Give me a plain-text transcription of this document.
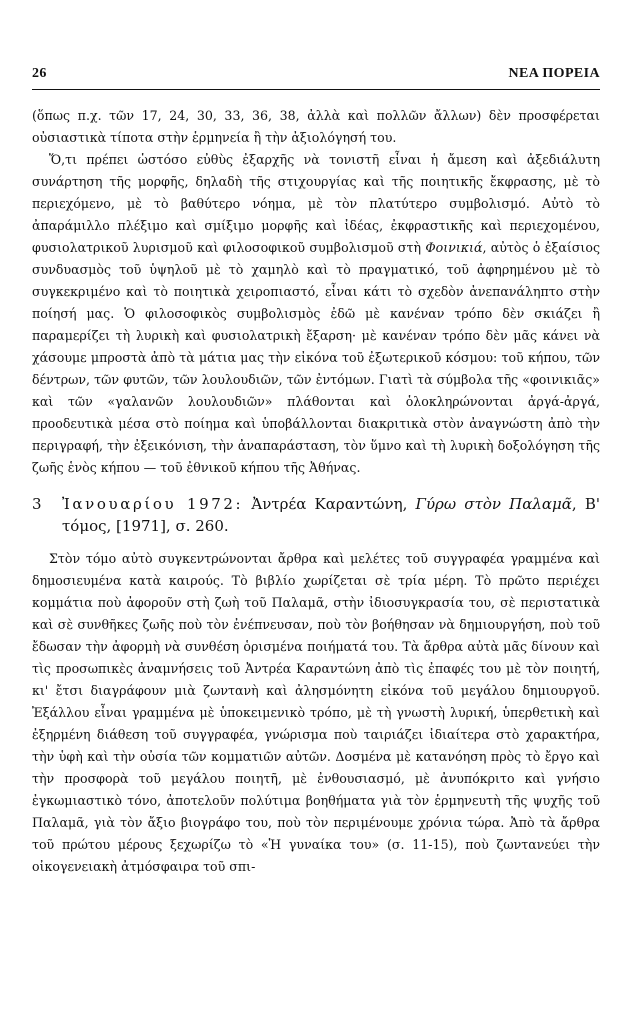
26	ΝΕΑ ΠΟΡΕΙΑ

(ὅπως π.χ. τῶν 17, 24, 30, 33, 36, 38, ἀλλὰ καὶ πολλῶν ἄλλων) δὲν προσφέρεται οὐσιαστικὰ τίποτα στὴν ἑρμηνεία ἢ τὴν ἀξιολόγησή του.

Ὅ,τι πρέπει ὡστόσο εὐθὺς ἐξαρχῆς νὰ τονιστῆ εἶναι ἡ ἄμεση καὶ ἀξεδιάλυτη συνάρτηση τῆς μορφῆς, δηλαδὴ τῆς στιχουργίας καὶ τῆς ποιητικῆς ἔκφρασης, μὲ τὸ περιεχόμενο, μὲ τὸ βαθύτερο νόημα, μὲ τὸν πλατύτερο συμβολισμό. Αὐτὸ τὸ ἀπαράμιλλο πλέξιμο καὶ σμίξιμο μορφῆς καὶ ἰδέας, ἐκφραστικῆς καὶ περιεχομένου, φυσιολατρικοῦ λυρισμοῦ καὶ φιλοσοφικοῦ συμβολισμοῦ στὴ Φοινικιά, αὐτὸς ὁ ἐξαίσιος συνδυασμὸς τοῦ ὑψηλοῦ μὲ τὸ χαμηλὸ καὶ τὸ πραγματικό, τοῦ ἀφηρημένου μὲ τὸ συγκεκριμένο καὶ τὸ ποιητικὰ χειροπιαστό, εἶναι κάτι τὸ σχεδὸν ἀνεπανάληπτο στὴν ποίησή μας. Ὁ φιλοσοφικὸς συμβολισμὸς ἐδῶ μὲ κανέναν τρόπο δὲν σκιάζει ἢ παραμερίζει τὴ λυρικὴ καὶ φυσιολατρικὴ ἔξαρση· μὲ κανέναν τρόπο δὲν μᾶς κάνει νὰ χάσουμε μπροστὰ ἀπὸ τὰ μάτια μας τὴν εἰκόνα τοῦ ἐξωτερικοῦ κόσμου: τοῦ κήπου, τῶν δέντρων, τῶν φυτῶν, τῶν λουλουδιῶν, τῶν ἐντόμων. Γιατὶ τὰ σύμβολα τῆς «φοινικιᾶς» καὶ τῶν «γαλανῶν λουλουδιῶν» πλάθονται καὶ ὁλοκληρώνονται ἀργά-ἀργά, προοδευτικὰ μέσα στὸ ποίημα καὶ ὑποβάλλονται διακριτικὰ στὸν ἀναγνώστη ἀπὸ τὴν περιγραφή, τὴν ἐξεικόνιση, τὴν ἀναπαράσταση, τὸν ὕμνο καὶ τὴ λυρικὴ δοξολόγηση τῆς ζωῆς ἑνὸς κήπου — τοῦ ἐθνικοῦ κήπου τῆς Ἀθήνας.

3	Ἰανουαρίου 1972: Ἀντρέα Καραντώνη, Γύρω στὸν Παλαμᾶ, Β' τόμος, [1971], σ. 260.

Στὸν τόμο αὐτὸ συγκεντρώνονται ἄρθρα καὶ μελέτες τοῦ συγγραφέα γραμμένα καὶ δημοσιευμένα κατὰ καιρούς. Τὸ βιβλίο χωρίζεται σὲ τρία μέρη. Τὸ πρῶτο περιέχει κομμάτια ποὺ ἀφοροῦν στὴ ζωὴ τοῦ Παλαμᾶ, στὴν ἰδιοσυγκρασία του, σὲ περιστατικὰ καὶ σὲ συνθῆκες ζωῆς ποὺ τὸν ἐνέπνευσαν, ποὺ τὸν βοήθησαν νὰ δημιουργήση, ποὺ τοῦ ἔδωσαν τὴν ἀφορμὴ νὰ συνθέση ὁρισμένα ποιήματά του. Τὰ ἄρθρα αὐτὰ μᾶς δίνουν καὶ τὶς προσωπικὲς ἀναμνήσεις τοῦ Ἀντρέα Καραντώνη ἀπὸ τὶς ἐπαφές του μὲ τὸν ποιητή, κι' ἔτσι διαγράφουν μιὰ ζωντανὴ καὶ ἀλησμόνητη εἰκόνα τοῦ μεγάλου δημιουργοῦ. Ἐξάλλου εἶναι γραμμένα μὲ ὑποκειμενικὸ τρόπο, μὲ τὴ γνωστὴ λυρική, ὑπερθετικὴ καὶ ἐξηρμένη διάθεση τοῦ συγγραφέα, γνώρισμα ποὺ ταιριάζει ἰδιαίτερα στὸ χαρακτήρα, τὴν ὑφὴ καὶ τὴν οὐσία τῶν κομματιῶν αὐτῶν. Δοσμένα μὲ κατανόηση πρὸς τὸ ἔργο καὶ τὴν προσφορὰ τοῦ μεγάλου ποιητῆ, μὲ ἐνθουσιασμό, μὲ ἀνυπόκριτο καὶ γνήσιο ἐγκωμιαστικὸ τόνο, ἀποτελοῦν πολύτιμα βοηθήματα γιὰ τὸν ἑρμηνευτὴ τῆς ψυχῆς τοῦ Παλαμᾶ, γιὰ τὸν ἄξιο βιογράφο του, ποὺ τὸν περιμένουμε χρόνια τώρα. Ἀπὸ τὰ ἄρθρα τοῦ πρώτου μέρους ξεχωρίζω τὸ «Ἡ γυναίκα του» (σ. 11-15), ποὺ ζωντανεύει τὴν οἰκογενειακὴ ἀτμόσφαιρα τοῦ σπι-
